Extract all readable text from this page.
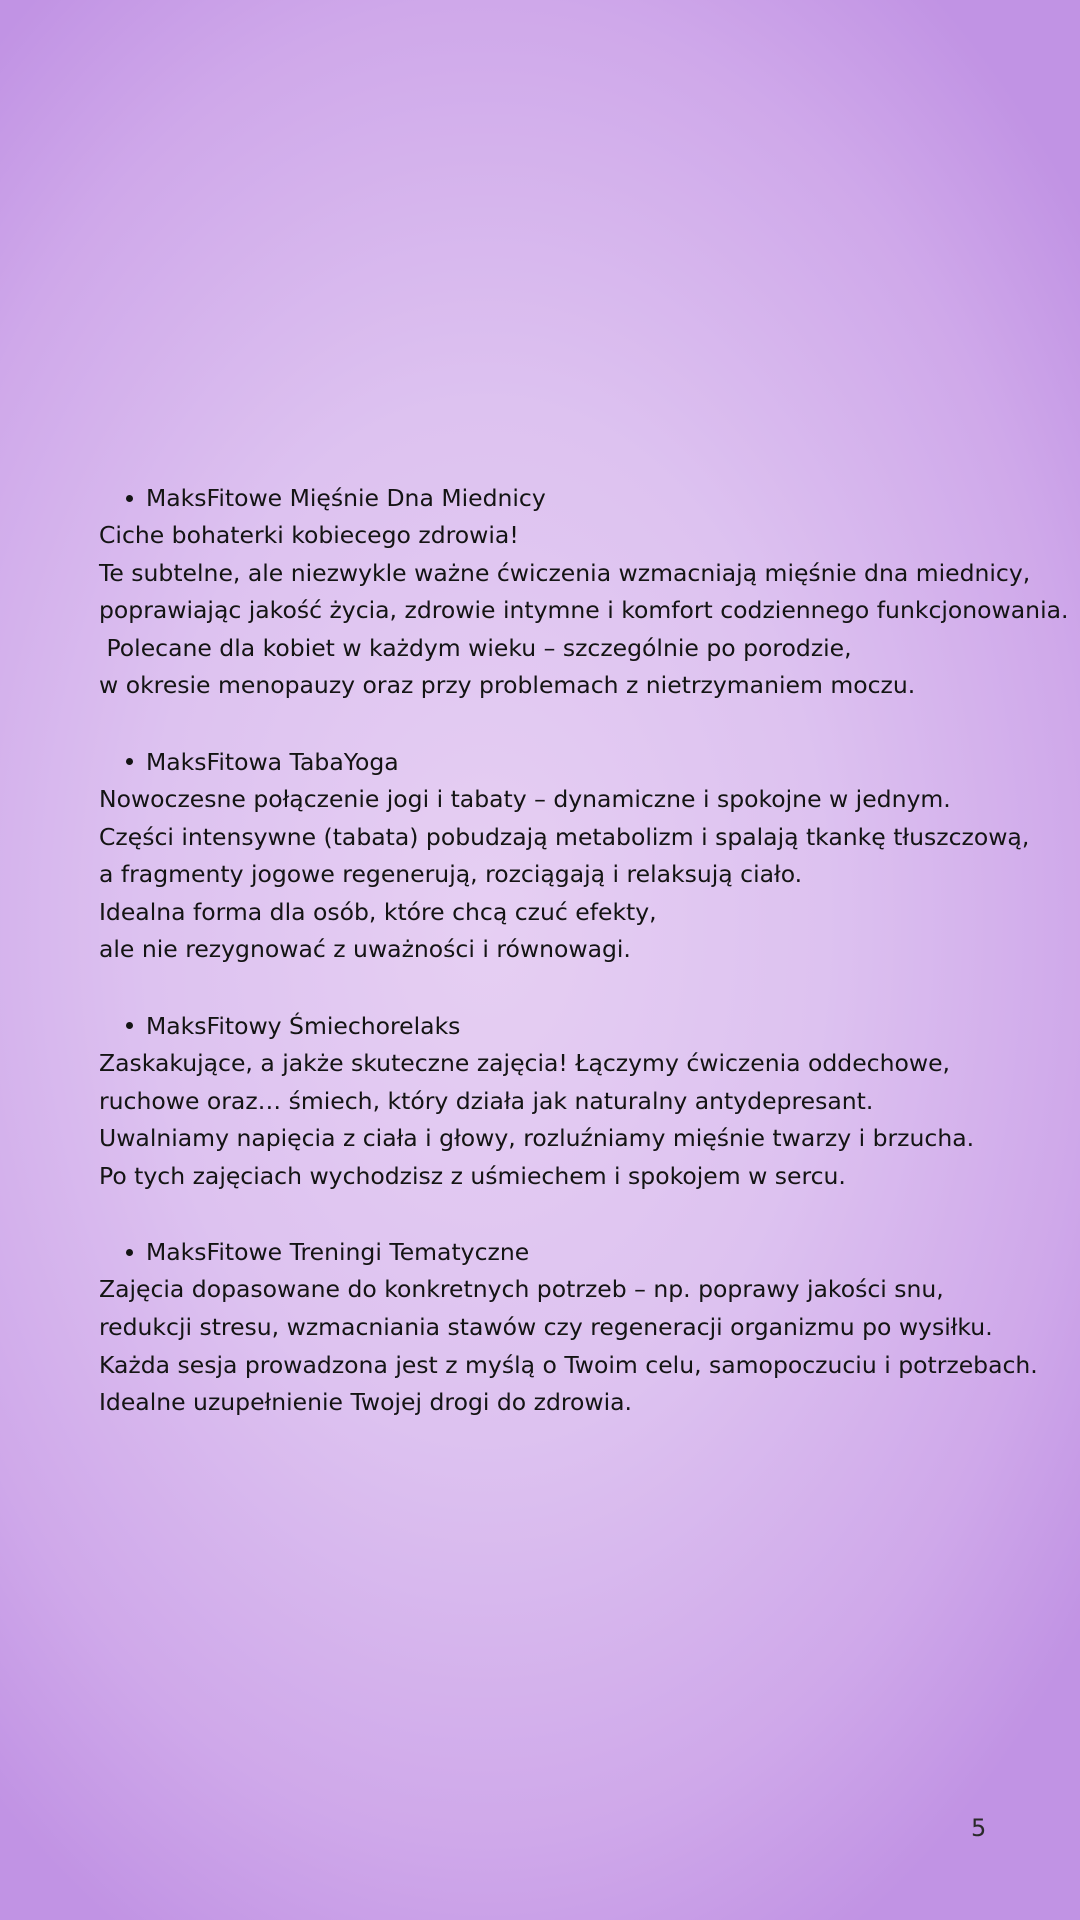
MaksFitowe Mięśnie Dna Miednicy
Ciche bohaterki kobiecego zdrowia!
Te subtelne, ale niezwykle ważne ćwiczenia wzmacniają mięśnie dna miednicy,
poprawiając jakość życia, zdrowie intymne i komfort codziennego funkcjonowania.
Polecane dla kobiet w każdym wieku – szczególnie po porodzie,
w okresie menopauzy oraz przy problemach z nietrzymaniem moczu.
MaksFitowa TabaYoga
Nowoczesne połączenie jogi i tabaty – dynamiczne i spokojne w jednym.
Części intensywne (tabata) pobudzają metabolizm i spalają tkankę tłuszczową,
a fragmenty jogowe regenerują, rozciągają i relaksują ciało.
Idealna forma dla osób, które chcą czuć efekty,
ale nie rezygnować z uważności i równowagi.
MaksFitowy Śmiechorelaks
Zaskakujące, a jakże skuteczne zajęcia! Łączymy ćwiczenia oddechowe,
ruchowe oraz… śmiech, który działa jak naturalny antydepresant.
Uwalniamy napięcia z ciała i głowy, rozluźniamy mięśnie twarzy i brzucha.
Po tych zajęciach wychodzisz z uśmiechem i spokojem w sercu.
MaksFitowe Treningi Tematyczne
Zajęcia dopasowane do konkretnych potrzeb – np. poprawy jakości snu,
redukcji stresu, wzmacniania stawów czy regeneracji organizmu po wysiłku.
Każda sesja prowadzona jest z myślą o Twoim celu, samopoczuciu i potrzebach.
Idealne uzupełnienie Twojej drogi do zdrowia.
5
